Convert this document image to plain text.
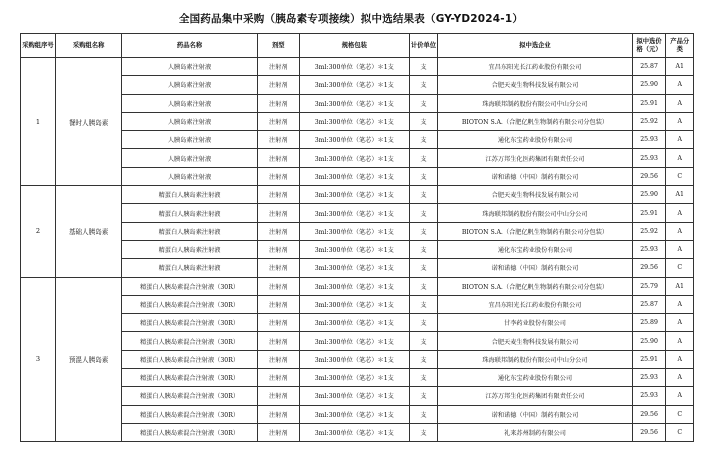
全国药品集中采购（胰岛素专项接续）拟中选结果表（GY-YD2024-1）
采购组序号	采购组名称	药品名称	剂型	规格包装	计价单位	拟中选企业	拟中选价格（元）	产品分类
1	餐时人胰岛素	人胰岛素注射液	注射剂	3ml:300单位（笔芯）＊1支	支	宜昌东阳光长江药业股份有限公司	25.87	A1
		人胰岛素注射液	注射剂	3ml:300单位（笔芯）＊1支	支	合肥天麦生物科技发展有限公司	25.90	A
		人胰岛素注射液	注射剂	3ml:300单位（笔芯）＊1支	支	珠海联邦制药股份有限公司中山分公司	25.91	A
		人胰岛素注射液	注射剂	3ml:300单位（笔芯）＊1支	支	BIOTON S.A.（合肥亿帆生物制药有限公司分包装）	25.92	A
		人胰岛素注射液	注射剂	3ml:300单位（笔芯）＊1支	支	通化东宝药业股份有限公司	25.93	A
		人胰岛素注射液	注射剂	3ml:300单位（笔芯）＊1支	支	江苏万邦生化医药集团有限责任公司	25.93	A
		人胰岛素注射液	注射剂	3ml:300单位（笔芯）＊1支	支	诺和诺德（中国）制药有限公司	29.56	C
2	基础人胰岛素	精蛋白人胰岛素注射液	注射剂	3ml:300单位（笔芯）＊1支	支	合肥天麦生物科技发展有限公司	25.90	A1
		精蛋白人胰岛素注射液	注射剂	3ml:300单位（笔芯）＊1支	支	珠海联邦制药股份有限公司中山分公司	25.91	A
		精蛋白人胰岛素注射液	注射剂	3ml:300单位（笔芯）＊1支	支	BIOTON S.A.（合肥亿帆生物制药有限公司分包装）	25.92	A
		精蛋白人胰岛素注射液	注射剂	3ml:300单位（笔芯）＊1支	支	通化东宝药业股份有限公司	25.93	A
		精蛋白人胰岛素注射液	注射剂	3ml:300单位（笔芯）＊1支	支	诺和诺德（中国）制药有限公司	29.56	C
3	预混人胰岛素	精蛋白人胰岛素混合注射液（30R）	注射剂	3ml:300单位（笔芯）＊1支	支	BIOTON S.A.（合肥亿帆生物制药有限公司分包装）	25.79	A1
		精蛋白人胰岛素混合注射液（30R）	注射剂	3ml:300单位（笔芯）＊1支	支	宜昌东阳光长江药业股份有限公司	25.87	A
		精蛋白人胰岛素混合注射液（30R）	注射剂	3ml:300单位（笔芯）＊1支	支	甘李药业股份有限公司	25.89	A
		精蛋白人胰岛素混合注射液（30R）	注射剂	3ml:300单位（笔芯）＊1支	支	合肥天麦生物科技发展有限公司	25.90	A
		精蛋白人胰岛素混合注射液（30R）	注射剂	3ml:300单位（笔芯）＊1支	支	珠海联邦制药股份有限公司中山分公司	25.91	A
		精蛋白人胰岛素混合注射液（30R）	注射剂	3ml:300单位（笔芯）＊1支	支	通化东宝药业股份有限公司	25.93	A
		精蛋白人胰岛素混合注射液（30R）	注射剂	3ml:300单位（笔芯）＊1支	支	江苏万邦生化医药集团有限责任公司	25.93	A
		精蛋白人胰岛素混合注射液（30R）	注射剂	3ml:300单位（笔芯）＊1支	支	诺和诺德（中国）制药有限公司	29.56	C
		精蛋白人胰岛素混合注射液（30R）	注射剂	3ml:300单位（笔芯）＊1支	支	礼来苏州制药有限公司	29.56	C
